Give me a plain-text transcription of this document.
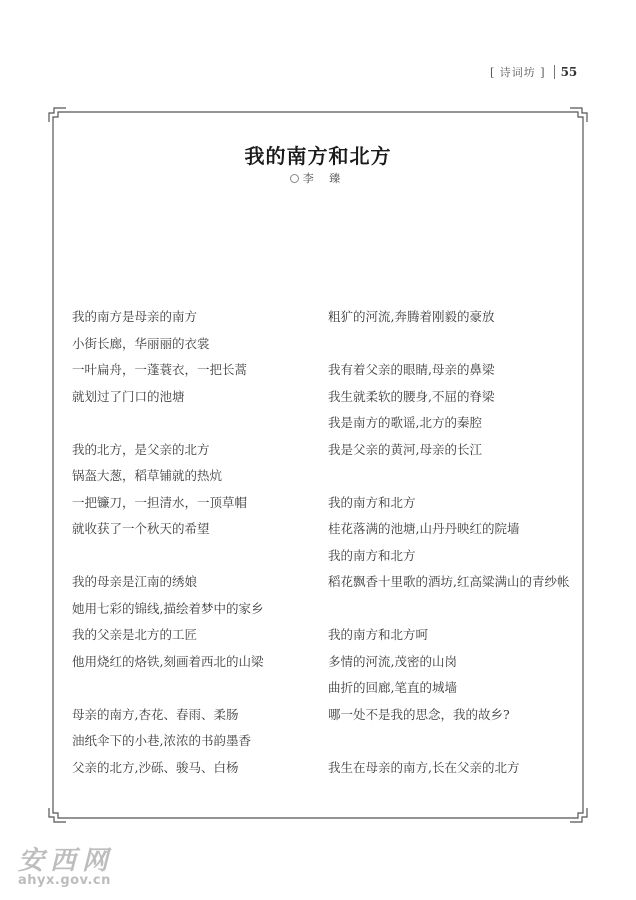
[ 诗词坊 ] 55
我的南方和北方
李 臻
我的南方是母亲的南方
小街长廊，华丽丽的衣裳
一叶扁舟，一蓬蓑衣，一把长蒿
就划过了门口的池塘
我的北方，是父亲的北方
锅盔大葱，稻草铺就的热炕
一把镰刀，一担清水，一顶草帽
就收获了一个秋天的希望
我的母亲是江南的绣娘
她用七彩的锦线,描绘着梦中的家乡
我的父亲是北方的工匠
他用烧红的烙铁,刻画着西北的山梁
母亲的南方,杏花、春雨、柔肠
油纸伞下的小巷,浓浓的书韵墨香
父亲的北方,沙砾、骏马、白杨
粗犷的河流,奔腾着刚毅的豪放
我有着父亲的眼睛,母亲的鼻梁
我生就柔软的腰身,不屈的脊梁
我是南方的歌谣,北方的秦腔
我是父亲的黄河,母亲的长江
我的南方和北方
桂花落满的池塘,山丹丹映红的院墙
我的南方和北方
稻花飘香十里歌的酒坊,红高粱满山的青纱帐
我的南方和北方呵
多情的河流,茂密的山岗
曲折的回廊,笔直的城墙
哪一处不是我的思念，我的故乡?
我生在母亲的南方,长在父亲的北方
安西网
ahyx.gov.cn
